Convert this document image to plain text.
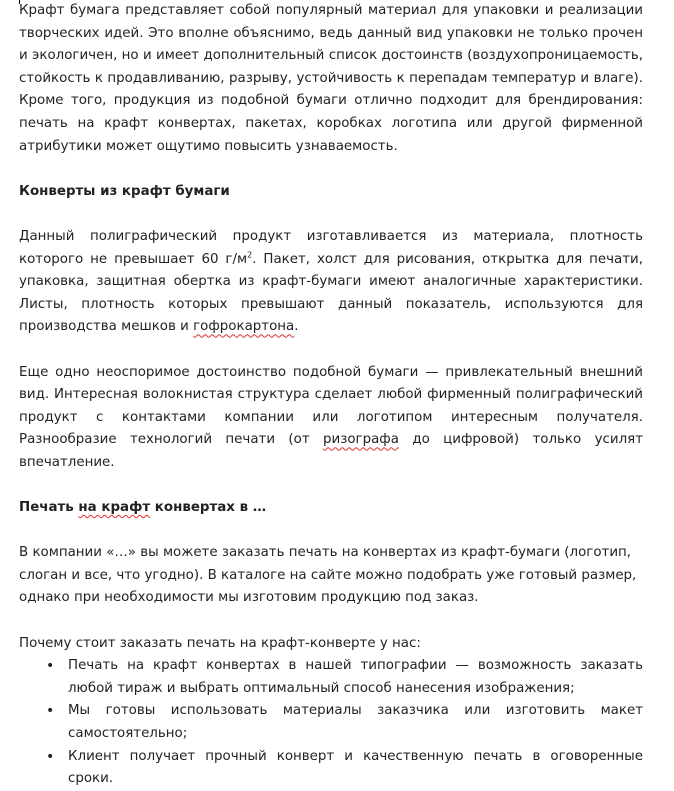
Крафт бумага представляет собой популярный материал для упаковки и реализации творческих идей. Это вполне объяснимо, ведь данный вид упаковки не только прочен и экологичен, но и имеет дополнительный список достоинств (воздухопроницаемость, стойкость к продавливанию, разрыву, устойчивость к перепадам температур и влаге). Кроме того, продукция из подобной бумаги отлично подходит для брендирования: печать на крафт конвертах, пакетах, коробках логотипа или другой фирменной атрибутики может ощутимо повысить узнаваемость.

Конверты из крафт бумаги

Данный полиграфический продукт изготавливается из материала, плотность которого не превышает 60 $г/м^2$. Пакет, холст для рисования, открытка для печати, упаковка, защитная обертка из крафт-бумаги имеют аналогичные характеристики. Листы, плотность которых превышают данный показатель, используются для производства мешков и гофрокартона.

Еще одно неоспоримое достоинство подобной бумаги — привлекательный внешний вид. Интересная волокнистая структура сделает любой фирменный полиграфический продукт с контактами компании или логотипом интересным получателя. Разнообразие технологий печати (от ризографа до цифровой) только усилят впечатление.

Печать на крафт конвертах в …

В компании «…» вы можете заказать печать на конвертах из крафт-бумаги (логотип, слоган и все, что угодно). В каталоге на сайте можно подобрать уже готовый размер, однако при необходимости мы изготовим продукцию под заказ.

Почему стоит заказать печать на крафт-конверте у нас:

• Печать на крафт конвертах в нашей типографии — возможность заказать любой тираж и выбрать оптимальный способ нанесения изображения;
• Мы готовы использовать материалы заказчика или изготовить макет самостоятельно;
• Клиент получает прочный конверт и качественную печать в оговоренные сроки.
